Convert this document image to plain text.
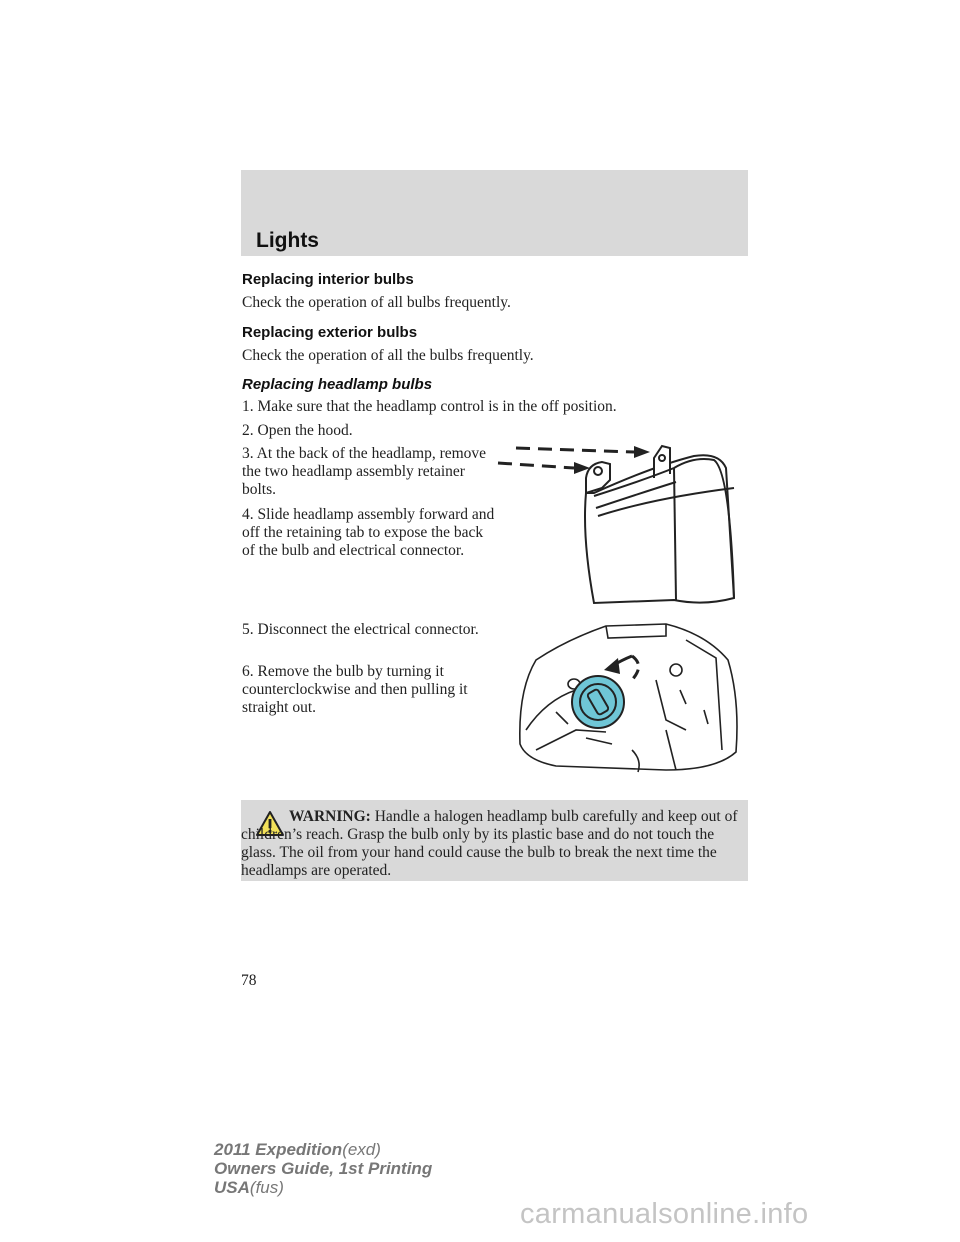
Lights
Replacing interior bulbs
Check the operation of all bulbs frequently.
Replacing exterior bulbs
Check the operation of all the bulbs frequently.
Replacing headlamp bulbs
1. Make sure that the headlamp control is in the off position.
2. Open the hood.
3. At the back of the headlamp, remove the two headlamp assembly retainer bolts.
4. Slide headlamp assembly forward and off the retaining tab to expose the back of the bulb and electrical connector.
5. Disconnect the electrical connector.
6. Remove the bulb by turning it counterclockwise and then pulling it straight out.
WARNING: Handle a halogen headlamp bulb carefully and keep out of children’s reach. Grasp the bulb only by its plastic base and do not touch the glass. The oil from your hand could cause the bulb to break the next time the headlamps are operated.
78
2011 Expedition(exd)
Owners Guide, 1st Printing
USA(fus)
carmanualsonline.info
